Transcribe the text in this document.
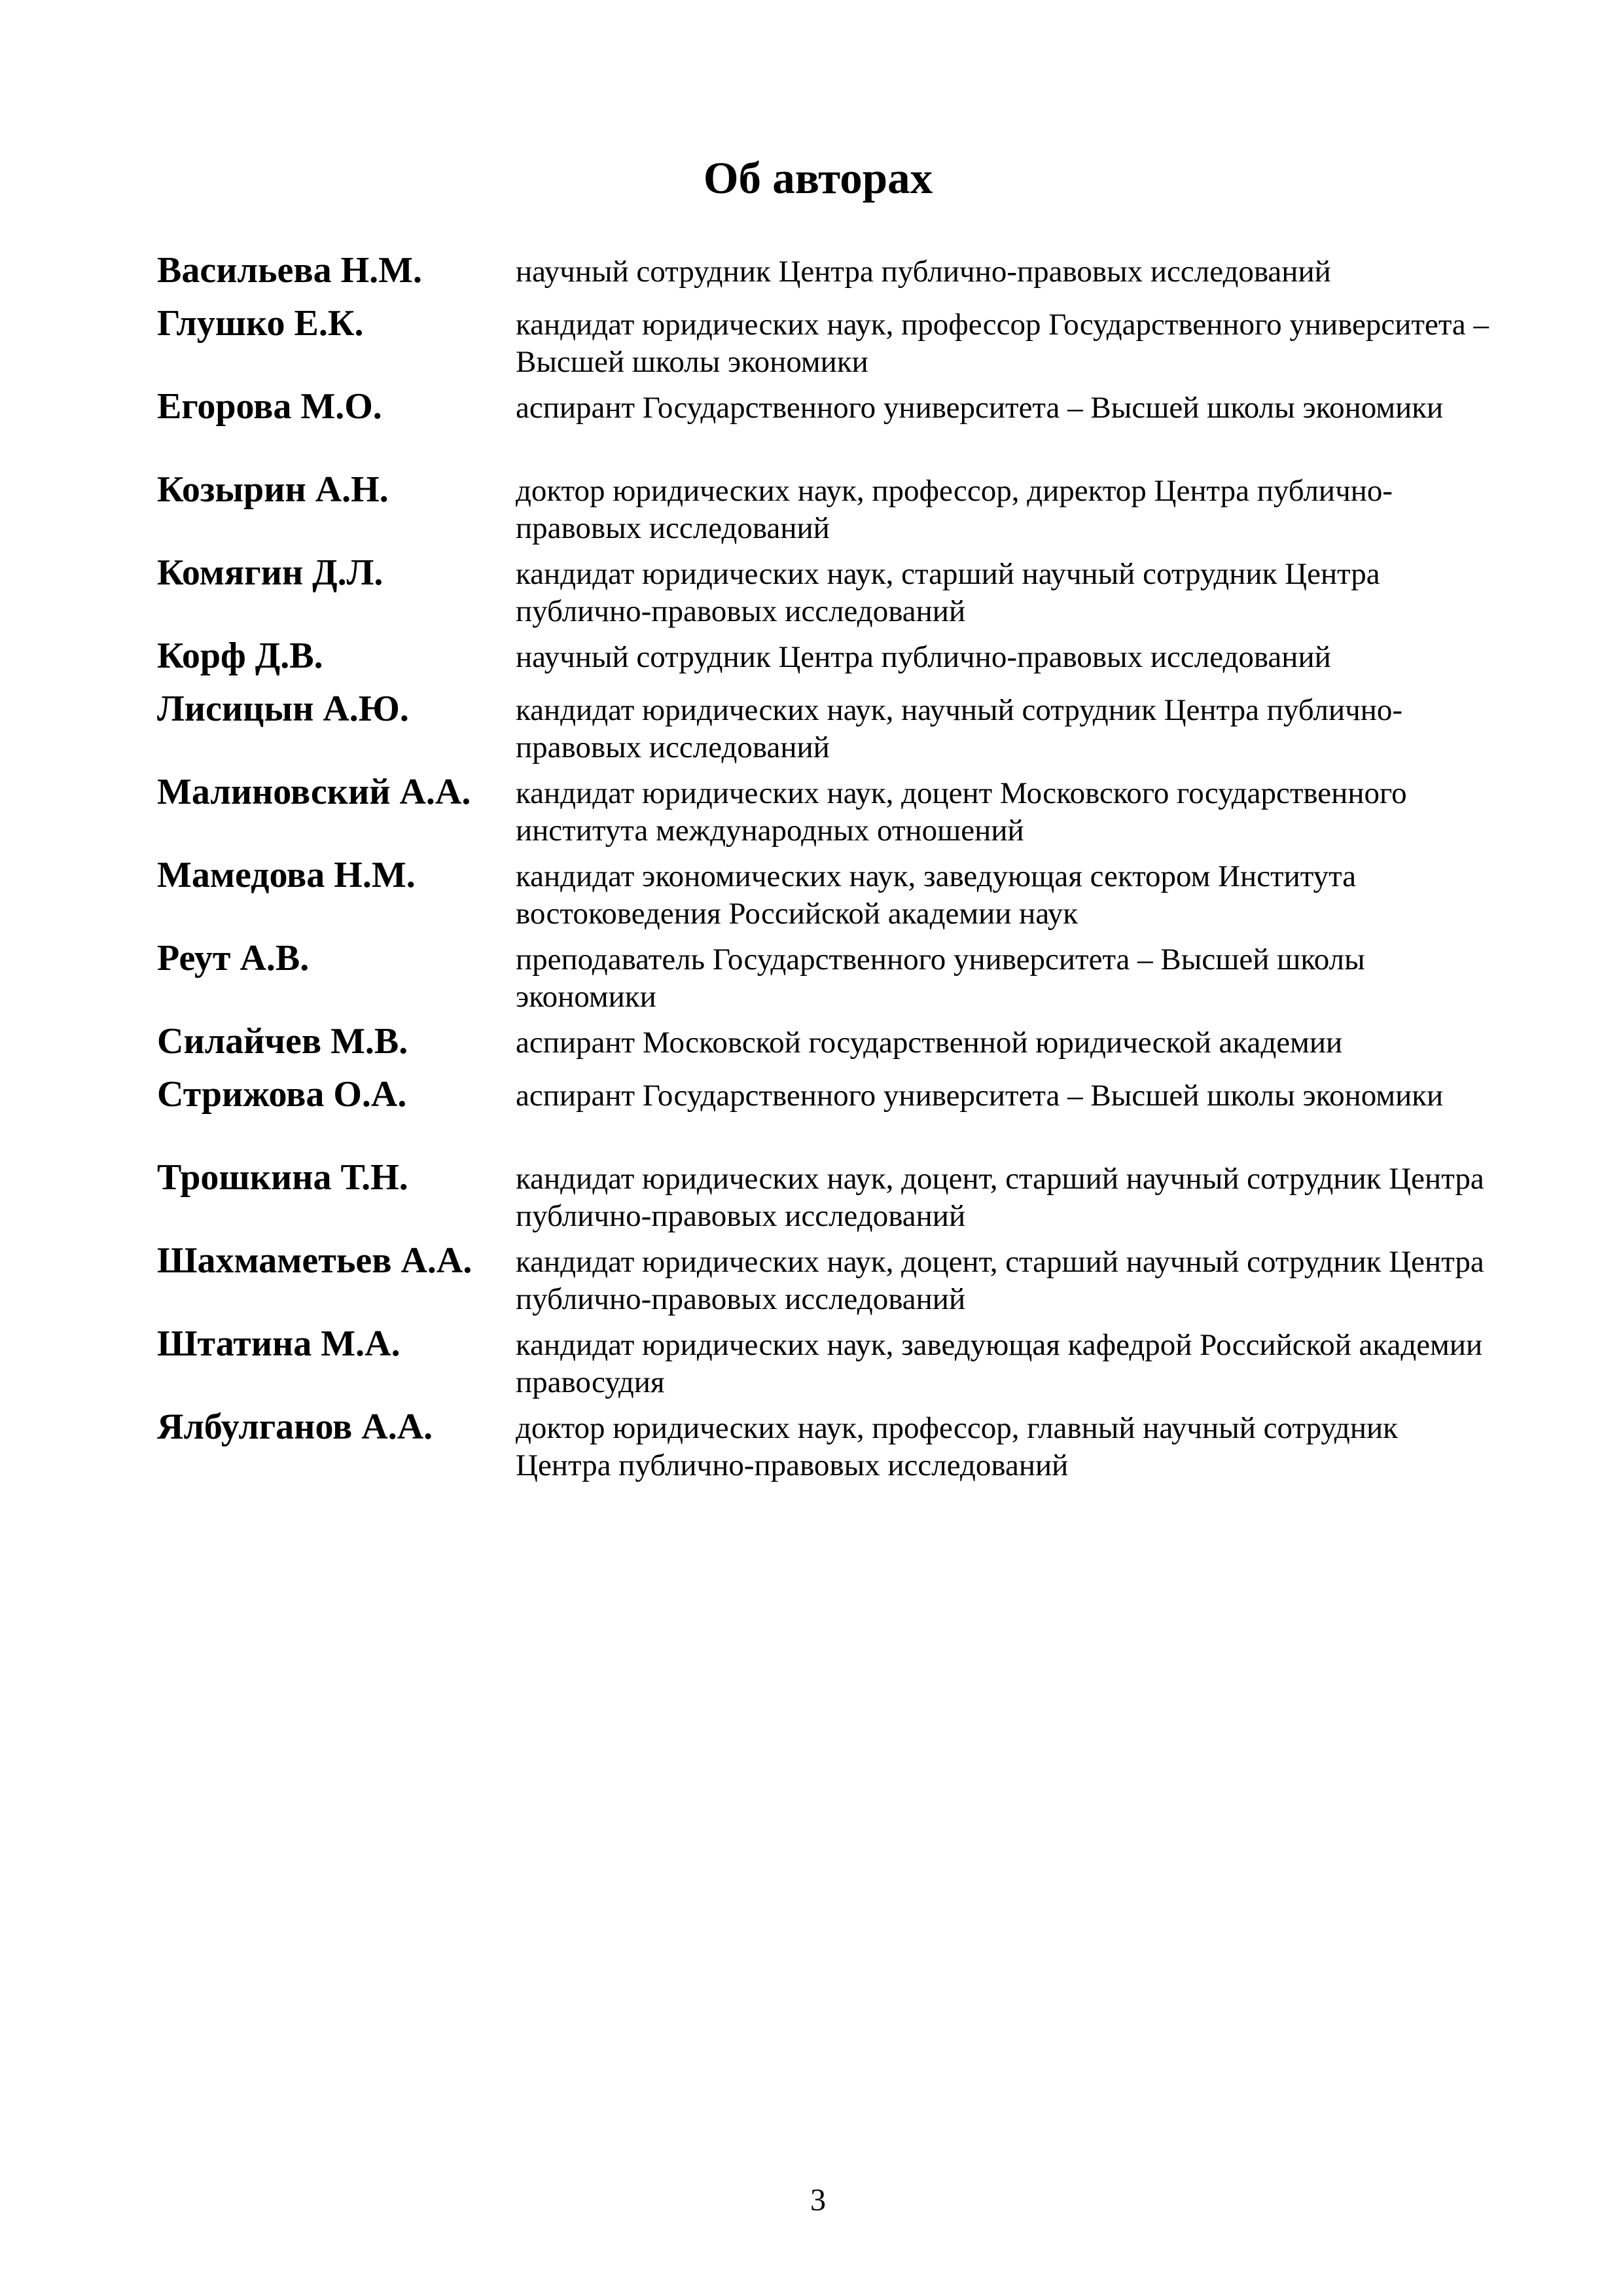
Об авторах
Васильева Н.М.	научный сотрудник Центра публично-правовых исследований
Глушко Е.К.	кандидат юридических наук, профессор Государственного университета – Высшей школы экономики
Егорова М.О.	аспирант Государственного университета – Высшей школы экономики
Козырин А.Н.	доктор юридических наук, профессор, директор Центра публично-правовых исследований
Комягин Д.Л.	кандидат юридических наук, старший научный сотрудник Центра публично-правовых исследований
Корф Д.В.	научный сотрудник Центра публично-правовых исследований
Лисицын А.Ю.	кандидат юридических наук, научный сотрудник Центра публично-правовых исследований
Малиновский А.А.	кандидат юридических наук, доцент Московского государственного института международных отношений
Мамедова Н.М.	кандидат экономических наук, заведующая сектором Института востоковедения Российской академии наук
Реут А.В.	преподаватель Государственного университета – Высшей школы экономики
Силайчев М.В.	аспирант Московской государственной юридической академии
Стрижова О.А.	аспирант Государственного университета – Высшей школы экономики
Трошкина Т.Н.	кандидат юридических наук, доцент, старший научный сотрудник Центра публично-правовых исследований
Шахмаметьев А.А.	кандидат юридических наук, доцент, старший научный сотрудник Центра публично-правовых исследований
Штатина М.А.	кандидат юридических наук, заведующая кафедрой Российской академии правосудия
Ялбулганов А.А.	доктор юридических наук, профессор, главный научный сотрудник Центра публично-правовых исследований
3
